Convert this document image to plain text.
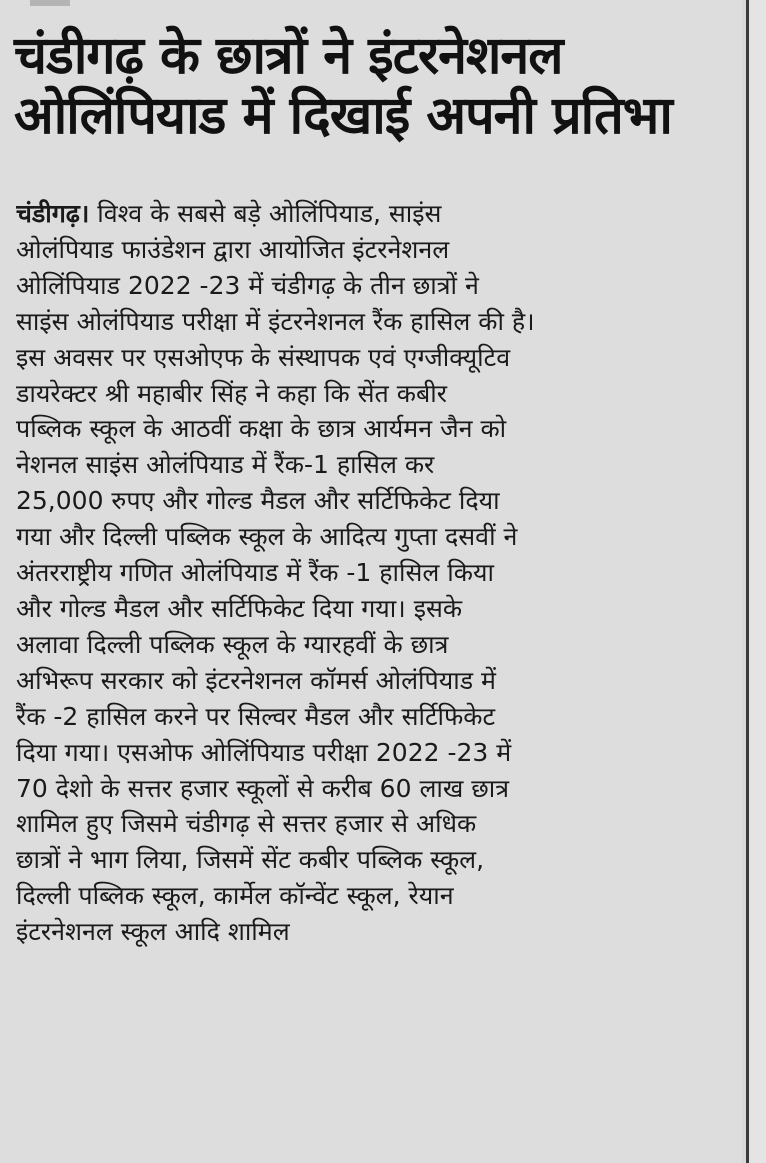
चंडीगढ़ के छात्रों ने इंटरनेशनल
ओलिंपियाड में दिखाई अपनी प्रतिभा
चंडीगढ़। विश्व के सबसे बड़े ओलिंपियाड, साइंस
ओलंपियाड फाउंडेशन द्वारा आयोजित इंटरनेशनल
ओलिंपियाड 2022 -23 में चंडीगढ़ के तीन छात्रों ने
साइंस ओलंपियाड परीक्षा में इंटरनेशनल रैंक हासिल की है।
इस अवसर पर एसओएफ के संस्थापक एवं एग्जीक्यूटिव
डायरेक्टर श्री महाबीर सिंह ने कहा कि सेंत कबीर
पब्लिक स्कूल के आठवीं कक्षा के छात्र आर्यमन जैन को
नेशनल साइंस ओलंपियाड में रैंक-1 हासिल कर
25,000 रुपए और गोल्ड मैडल और सर्टिफिकेट दिया
गया और दिल्ली पब्लिक स्कूल के आदित्य गुप्ता दसवीं ने
अंतरराष्ट्रीय गणित ओलंपियाड में रैंक -1 हासिल किया
और गोल्ड मैडल और सर्टिफिकेट दिया गया। इसके
अलावा दिल्ली पब्लिक स्कूल के ग्यारहवीं के छात्र
अभिरूप सरकार को इंटरनेशनल कॉमर्स ओलंपियाड में
रैंक -2 हासिल करने पर सिल्वर मैडल और सर्टिफिकेट
दिया गया। एसओफ ओलिंपियाड परीक्षा 2022 -23 में
70 देशो के सत्तर हजार स्कूलों से करीब 60 लाख छात्र
शामिल हुए जिसमे चंडीगढ़ से सत्तर हजार से अधिक
छात्रों ने भाग लिया, जिसमें सेंट कबीर पब्लिक स्कूल,
दिल्ली पब्लिक स्कूल, कार्मेल कॉन्वेंट स्कूल, रेयान
इंटरनेशनल स्कूल आदि शामिल
